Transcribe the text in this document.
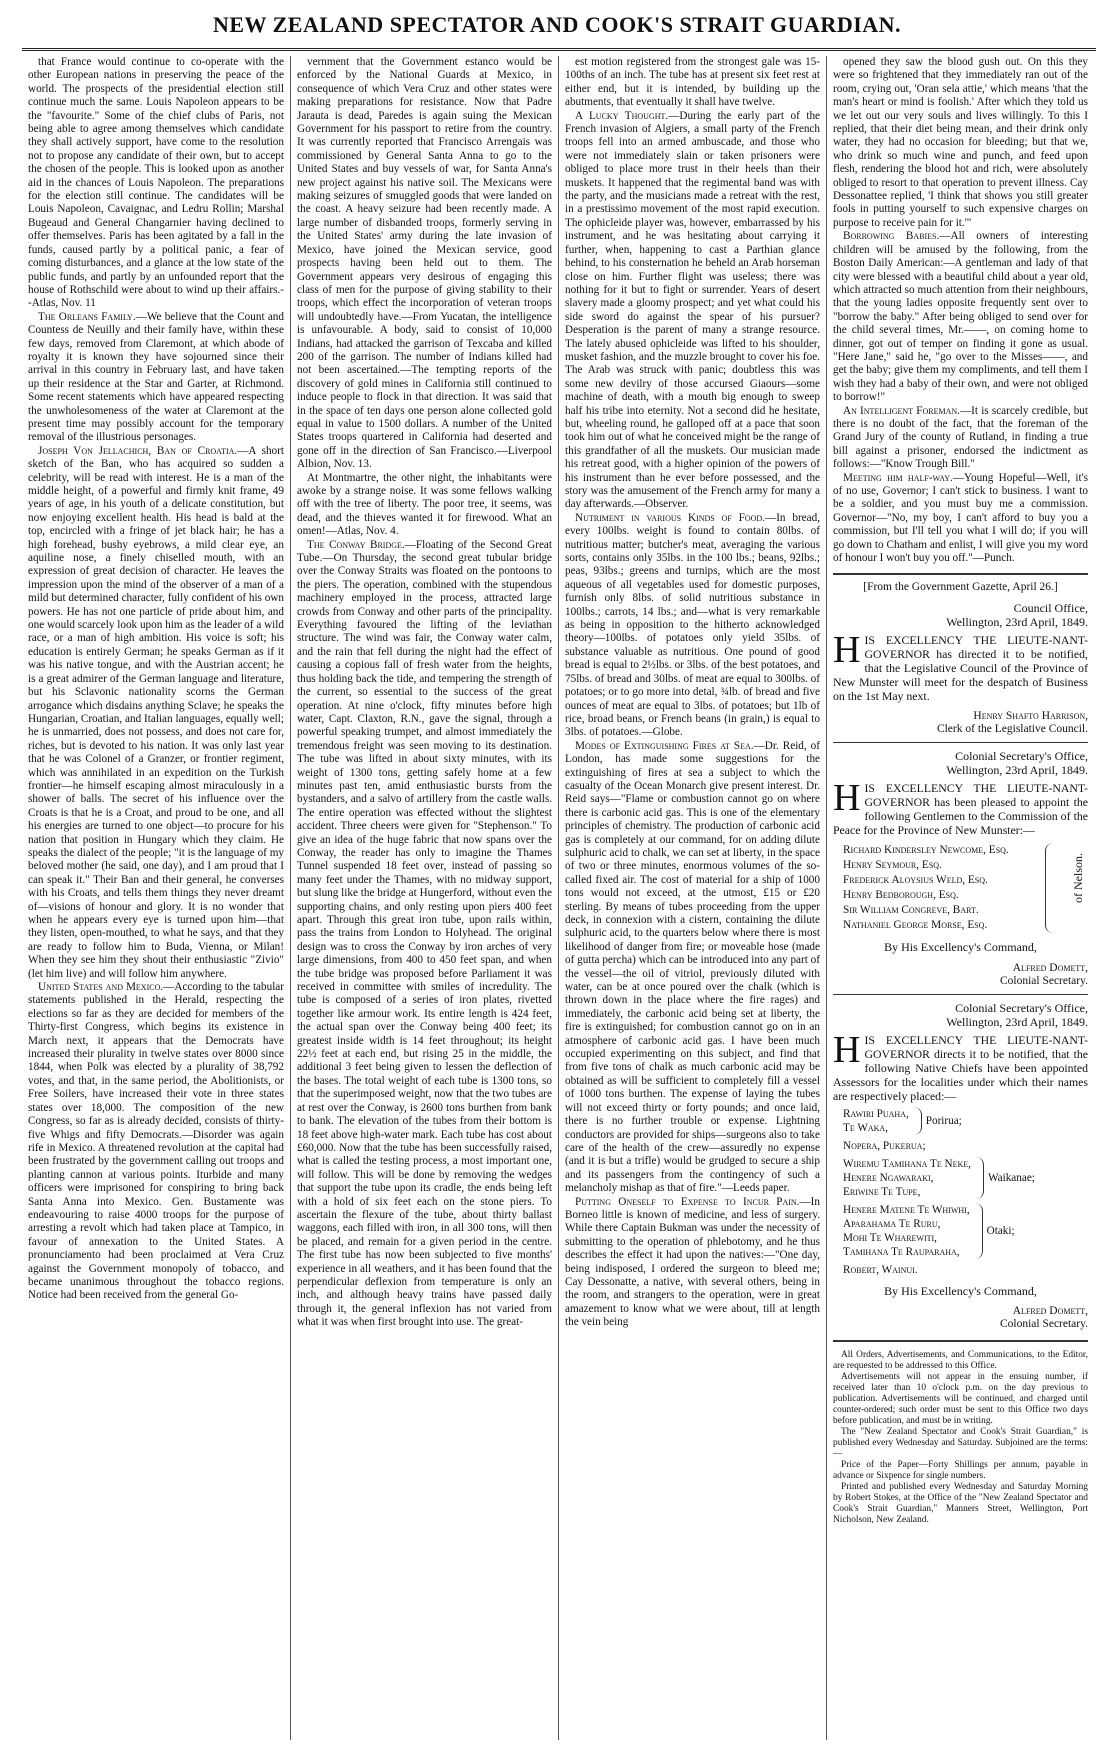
NEW ZEALAND SPECTATOR AND COOK'S STRAIT GUARDIAN.

that France would continue to co-operate with the other European nations in preserving the peace of the world. The prospects of the presidential election still continue much the same. Louis Napoleon appears to be the "favourite." Some of the chief clubs of Paris, not being able to agree among themselves which candidate they shall actively support, have come to the resolution not to propose any candidate of their own, but to accept the chosen of the people. This is looked upon as another aid in the chances of Louis Napoleon. The preparations for the election still continue. The candidates will be Louis Napoleon, Cavaignac, and Ledru Rollin; Marshal Bugeaud and General Changarnier having declined to offer themselves. Paris has been agitated by a fall in the funds, caused partly by a political panic, a fear of coming disturbances, and a glance at the low state of the public funds, and partly by an unfounded report that the house of Rothschild were about to wind up their affairs.--Atlas, Nov. 11

The Orleans Family.—We believe that the Count and Countess de Neuilly and their family have, within these few days, removed from Claremont, at which abode of royalty it is known they have sojourned since their arrival in this country in February last, and have taken up their residence at the Star and Garter, at Richmond. Some recent statements which have appeared respecting the unwholesomeness of the water at Claremont at the present time may possibly account for the temporary removal of the illustrious personages.

Joseph Von Jellachich, Ban of Croatia.—A short sketch of the Ban, who has acquired so sudden a celebrity, will be read with interest. He is a man of the middle height, of a powerful and firmly knit frame, 49 years of age, in his youth of a delicate constitution, but now enjoying excellent health. His head is bald at the top, encircled with a fringe of jet black hair; he has a high forehead, bushy eyebrows, a mild clear eye, an aquiline nose, a finely chiselled mouth, with an expression of great decision of character. He leaves the impression upon the mind of the observer of a man of a mild but determined character, fully confident of his own powers. He has not one particle of pride about him, and one would scarcely look upon him as the leader of a wild race, or a man of high ambition. His voice is soft; his education is entirely German; he speaks German as if it was his native tongue, and with the Austrian accent; he is a great admirer of the German language and literature, but his Sclavonic nationality scorns the German arrogance which disdains anything Sclave; he speaks the Hungarian, Croatian, and Italian languages, equally well; he is unmarried, does not possess, and does not care for, riches, but is devoted to his nation. It was only last year that he was Colonel of a Granzer, or frontier regiment, which was annihilated in an expedition on the Turkish frontier—he himself escaping almost miraculously in a shower of balls. The secret of his influence over the Croats is that he is a Croat, and proud to be one, and all his energies are turned to one object—to procure for his nation that position in Hungary which they claim. He speaks the dialect of the people; "it is the language of my beloved mother (he said, one day), and I am proud that I can speak it." Their Ban and their general, he converses with his Croats, and tells them things they never dreamt of—visions of honour and glory. It is no wonder that when he appears every eye is turned upon him—that they listen, open-mouthed, to what he says, and that they are ready to follow him to Buda, Vienna, or Milan! When they see him they shout their enthusiastic "Zivio" (let him live) and will follow him anywhere.

United States and Mexico.—According to the tabular statements published in the Herald, respecting the elections so far as they are decided for members of the Thirty-first Congress, which begins its existence in March next, it appears that the Democrats have increased their plurality in twelve states over 8000 since 1844, when Polk was elected by a plurality of 38,792 votes, and that, in the same period, the Abolitionists, or Free Soilers, have increased their vote in three states states over 18,000. The composition of the new Congress, so far as is already decided, consists of thirty-five Whigs and fifty Democrats.—Disorder was again rife in Mexico. A threatened revolution at the capital had been frustrated by the government calling out troops and planting cannon at various points. Iturbide and many officers were imprisoned for conspiring to bring back Santa Anna into Mexico. Gen. Bustamente was endeavouring to raise 4000 troops for the purpose of arresting a revolt which had taken place at Tampico, in favour of annexation to the United States. A pronunciamento had been proclaimed at Vera Cruz against the Government monopoly of tobacco, and became unanimous throughout the tobacco regions. Notice had been received from the general Go-

vernment that the Government estanco would be enforced by the National Guards at Mexico, in consequence of which Vera Cruz and other states were making preparations for resistance. Now that Padre Jarauta is dead, Paredes is again suing the Mexican Government for his passport to retire from the country. It was currently reported that Francisco Arrengais was commissioned by General Santa Anna to go to the United States and buy vessels of war, for Santa Anna's new project against his native soil. The Mexicans were making seizures of smuggled goods that were landed on the coast. A heavy seizure had been recently made. A large number of disbanded troops, formerly serving in the United States' army during the late invasion of Mexico, have joined the Mexican service, good prospects having been held out to them. The Government appears very desirous of engaging this class of men for the purpose of giving stability to their troops, which effect the incorporation of veteran troops will undoubtedly have.—From Yucatan, the intelligence is unfavourable. A body, said to consist of 10,000 Indians, had attacked the garrison of Texcaba and killed 200 of the garrison. The number of Indians killed had not been ascertained.—The tempting reports of the discovery of gold mines in California still continued to induce people to flock in that direction. It was said that in the space of ten days one person alone collected gold equal in value to 1500 dollars. A number of the United States troops quartered in California had deserted and gone off in the direction of San Francisco.—Liverpool Albion, Nov. 13.

At Montmartre, the other night, the inhabitants were awoke by a strange noise. It was some fellows walking off with the tree of liberty. The poor tree, it seems, was dead, and the thieves wanted it for firewood. What an omen!—Atlas, Nov. 4.

The Conway Bridge.—Floating of the Second Great Tube.—On Thursday, the second great tubular bridge over the Conway Straits was floated on the pontoons to the piers. The operation, combined with the stupendous machinery employed in the process, attracted large crowds from Conway and other parts of the principality. Everything favoured the lifting of the leviathan structure. The wind was fair, the Conway water calm, and the rain that fell during the night had the effect of causing a copious fall of fresh water from the heights, thus holding back the tide, and tempering the strength of the current, so essential to the success of the great operation. At nine o'clock, fifty minutes before high water, Capt. Claxton, R.N., gave the signal, through a powerful speaking trumpet, and almost immediately the tremendous freight was seen moving to its destination. The tube was lifted in about sixty minutes, with its weight of 1300 tons, getting safely home at a few minutes past ten, amid enthusiastic bursts from the bystanders, and a salvo of artillery from the castle walls. The entire operation was effected without the slightest accident. Three cheers were given for "Stephenson." To give an idea of the huge fabric that now spans over the Conway, the reader has only to imagine the Thames Tunnel suspended 18 feet over, instead of passing so many feet under the Thames, with no midway support, but slung like the bridge at Hungerford, without even the supporting chains, and only resting upon piers 400 feet apart. Through this great iron tube, upon rails within, pass the trains from London to Holyhead. The original design was to cross the Conway by iron arches of very large dimensions, from 400 to 450 feet span, and when the tube bridge was proposed before Parliament it was received in committee with smiles of incredulity. The tube is composed of a series of iron plates, rivetted together like armour work. Its entire length is 424 feet, the actual span over the Conway being 400 feet; its greatest inside width is 14 feet throughout; its height 22½ feet at each end, but rising 25 in the middle, the additional 3 feet being given to lessen the deflection of the bases. The total weight of each tube is 1300 tons, so that the superimposed weight, now that the two tubes are at rest over the Conway, is 2600 tons burthen from bank to bank. The elevation of the tubes from their bottom is 18 feet above high-water mark. Each tube has cost about £60,000. Now that the tube has been successfully raised, what is called the testing process, a most important one, will follow. This will be done by removing the wedges that support the tube upon its cradle, the ends being left with a hold of six feet each on the stone piers. To ascertain the flexure of the tube, about thirty ballast waggons, each filled with iron, in all 300 tons, will then be placed, and remain for a given period in the centre. The first tube has now been subjected to five months' experience in all weathers, and it has been found that the perpendicular deflexion from temperature is only an inch, and although heavy trains have passed daily through it, the general inflexion has not varied from what it was when first brought into use. The great-

est motion registered from the strongest gale was 15-100ths of an inch. The tube has at present six feet rest at either end, but it is intended, by building up the abutments, that eventually it shall have twelve.

A Lucky Thought.—During the early part of the French invasion of Algiers, a small party of the French troops fell into an armed ambuscade, and those who were not immediately slain or taken prisoners were obliged to place more trust in their heels than their muskets. It happened that the regimental band was with the party, and the musicians made a retreat with the rest, in a prestissimo movement of the most rapid execution. The ophicleide player was, however, embarrassed by his instrument, and he was hesitating about carrying it further, when, happening to cast a Parthian glance behind, to his consternation he beheld an Arab horseman close on him. Further flight was useless; there was nothing for it but to fight or surrender. Years of desert slavery made a gloomy prospect; and yet what could his side sword do against the spear of his pursuer? Desperation is the parent of many a strange resource. The lately abused ophicleide was lifted to his shoulder, musket fashion, and the muzzle brought to cover his foe. The Arab was struck with panic; doubtless this was some new devilry of those accursed Giaours—some machine of death, with a mouth big enough to sweep half his tribe into eternity. Not a second did he hesitate, but, wheeling round, he galloped off at a pace that soon took him out of what he conceived might be the range of this grandfather of all the muskets. Our musician made his retreat good, with a higher opinion of the powers of his instrument than he ever before possessed, and the story was the amusement of the French army for many a day afterwards.—Observer.

Nutriment in various Kinds of Food.—In bread, every 100lbs. weight is found to contain 80lbs. of nutritious matter; butcher's meat, averaging the various sorts, contains only 35lbs. in the 100 lbs.; beans, 92lbs.; peas, 93lbs.; greens and turnips, which are the most aqueous of all vegetables used for domestic purposes, furnish only 8lbs. of solid nutritious substance in 100lbs.; carrots, 14 lbs.; and—what is very remarkable as being in opposition to the hitherto acknowledged theory—100lbs. of potatoes only yield 35lbs. of substance valuable as nutritious. One pound of good bread is equal to 2½lbs. or 3lbs. of the best potatoes, and 75lbs. of bread and 30lbs. of meat are equal to 300lbs. of potatoes; or to go more into detal, ¾lb. of bread and five ounces of meat are equal to 3lbs. of potatoes; but 1lb of rice, broad beans, or French beans (in grain,) is equal to 3lbs. of potatoes.—Globe.

Modes of Extinguishing Fires at Sea.—Dr. Reid, of London, has made some suggestions for the extinguishing of fires at sea a subject to which the casualty of the Ocean Monarch give present interest. Dr. Reid says—"Flame or combustion cannot go on where there is carbonic acid gas. This is one of the elementary principles of chemistry. The production of carbonic acid gas is completely at our command, for on adding dilute sulphuric acid to chalk, we can set at liberty, in the space of two or three minutes, enormous volumes of the so-called fixed air. The cost of material for a ship of 1000 tons would not exceed, at the utmost, £15 or £20 sterling. By means of tubes proceeding from the upper deck, in connexion with a cistern, containing the dilute sulphuric acid, to the quarters below where there is most likelihood of danger from fire; or moveable hose (made of gutta percha) which can be introduced into any part of the vessel—the oil of vitriol, previously diluted with water, can be at once poured over the chalk (which is thrown down in the place where the fire rages) and immediately, the carbonic acid being set at liberty, the fire is extinguished; for combustion cannot go on in an atmosphere of carbonic acid gas. I have been much occupied experimenting on this subject, and find that from five tons of chalk as much carbonic acid may be obtained as will be sufficient to completely fill a vessel of 1000 tons burthen. The expense of laying the tubes will not exceed thirty or forty pounds; and once laid, there is no further trouble or expense. Lightning conductors are provided for ships—surgeons also to take care of the health of the crew—assuredly no expense (and it is but a trifle) would be grudged to secure a ship and its passengers from the contingency of such a melancholy mishap as that of fire."—Leeds paper.

Putting Oneself to Expense to Incur Pain.—In Borneo little is known of medicine, and less of surgery. While there Captain Bukman was under the necessity of submitting to the operation of phlebotomy, and he thus describes the effect it had upon the natives:—"One day, being indisposed, I ordered the surgeon to bleed me; Cay Dessonatte, a native, with several others, being in the room, and strangers to the operation, were in great amazement to know what we were about, till at length the vein being

opened they saw the blood gush out. On this they were so frightened that they immediately ran out of the room, crying out, 'Oran sela attie,' which means 'that the man's heart or mind is foolish.' After which they told us we let out our very souls and lives willingly. To this I replied, that their diet being mean, and their drink only water, they had no occasion for bleeding; but that we, who drink so much wine and punch, and feed upon flesh, rendering the blood hot and rich, were absolutely obliged to resort to that operation to prevent illness. Cay Dessonattee replied, 'I think that shows you still greater fools in putting yourself to such expensive charges on purpose to receive pain for it.'"

Borrowing Babies.—All owners of interesting children will be amused by the following, from the Boston Daily American:—A gentleman and lady of that city were blessed with a beautiful child about a year old, which attracted so much attention from their neighbours, that the young ladies opposite frequently sent over to "borrow the baby." After being obliged to send over for the child several times, Mr.——, on coming home to dinner, got out of temper on finding it gone as usual. "Here Jane," said he, "go over to the Misses——, and get the baby; give them my compliments, and tell them I wish they had a baby of their own, and were not obliged to borrow!"

An Intelligent Foreman.—It is scarcely credible, but there is no doubt of the fact, that the foreman of the Grand Jury of the county of Rutland, in finding a true bill against a prisoner, endorsed the indictment as follows:—"Know Trough Bill."

Meeting him half-way.—Young Hopeful—Well, it's of no use, Governor; I can't stick to business. I want to be a soldier, and you must buy me a commission. Governor—"No, my boy, I can't afford to buy you a commission, but I'll tell you what I will do; if you will go down to Chatham and enlist, I will give you my word of honour I won't buy you off."—Punch.

[From the Government Gazette, April 26.]
Council Office,
Wellington, 23rd April, 1849.
HIS EXCELLENCY THE LIEUTE-NANT-GOVERNOR has directed it to be notified, that the Legislative Council of the Province of New Munster will meet for the despatch of Business on the 1st May next.
Henry Shafto Harrison,
Clerk of the Legislative Council.
Colonial Secretary's Office,
Wellington, 23rd April, 1849.
HIS EXCELLENCY THE LIEUTE-NANT-GOVERNOR has been pleased to appoint the following Gentlemen to the Commission of the Peace for the Province of New Munster:—
Richard Kindersley Newcome, Esq.
Henry Seymour, Esq.
Frederick Aloysius Weld, Esq.
Henry Bedborough, Esq.
Sir William Congreve, Bart.
Nathaniel George Morse, Esq.
of Nelson.
By His Excellency's Command,
Alfred Domett,
Colonial Secretary.
Colonial Secretary's Office,
Wellington, 23rd April, 1849.
HIS EXCELLENCY THE LIEUTE-NANT-GOVERNOR directs it to be notified, that the following Native Chiefs have been appointed Assessors for the localities under which their names are respectively placed:—
Rawiri Puaha,
Te Waka,
Porirua;
Nopera, Pukerua;
Wiremu Tamihana Te Neke,
Henere Ngawaraki,
Eriwine Te Tupe,
Waikanae;
Henere Matene Te Whiwhi,
Aparahama Te Ruru,
Mohi Te Wharewiti,
Tamihana Te Rauparaha,
Otaki;
Robert, Wainui.
By His Excellency's Command,
Alfred Domett,
Colonial Secretary.

All Orders, Advertisements, and Communications, to the Editor, are requested to be addressed to this Office.

Advertisements will not appear in the ensuing number, if received later than 10 o'clock p.m. on the day previous to publication. Advertisements will be continued, and charged until counter-ordered; such order must be sent to this Office two days before publication, and must be in writing.

The "New Zealand Spectator and Cook's Strait Guardian," is published every Wednesday and Saturday. Subjoined are the terms:—

Price of the Paper—Forty Shillings per annum, payable in advance or Sixpence for single numbers.

Printed and published every Wednesday and Saturday Morning by Robert Stokes, at the Office of the "New Zealand Spectator and Cook's Strait Guardian," Manners Street, Wellington, Port Nicholson, New Zealand.
